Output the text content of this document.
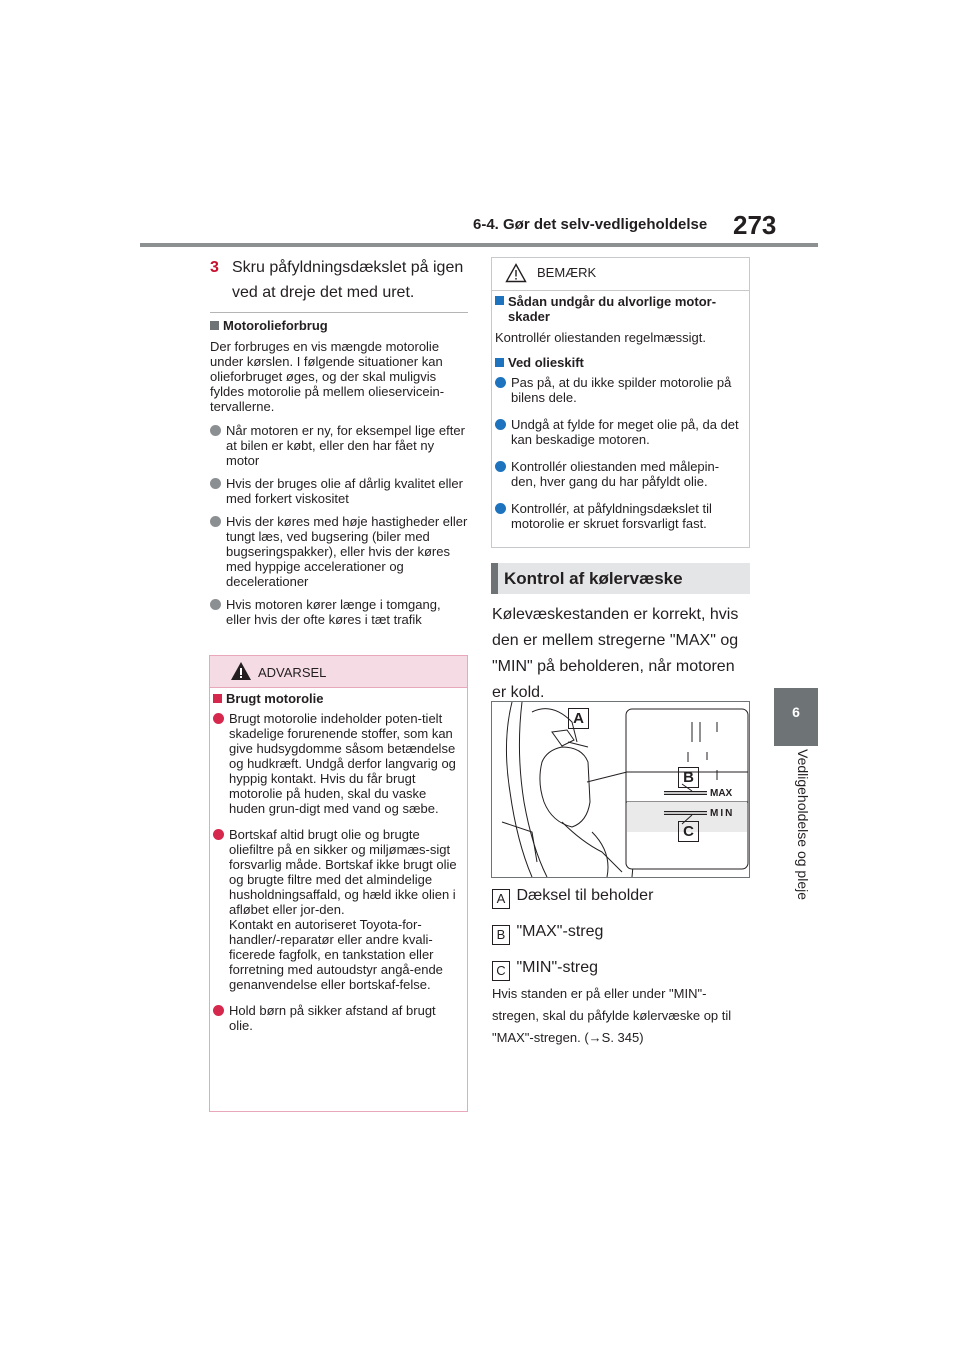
6-4. Gør det selv-vedligeholdelse 273
6
Vedligeholdelse og pleje
3 Skru påfyldningsdækslet på igen ved at dreje det med uret.
Motorolieforbrug
Der forbruges en vis mængde motorolie under kørslen. I følgende situationer kan olieforbruget øges, og der skal muligvis fyldes motorolie på mellem olieservicein-tervallerne.
Når motoren er ny, for eksempel lige efter at bilen er købt, eller den har fået ny motor
Hvis der bruges olie af dårlig kvalitet eller med forkert viskositet
Hvis der køres med høje hastigheder eller tungt læs, ved bugsering (biler med bugseringspakker), eller hvis der køres med hyppige accelerationer og decelerationer
Hvis motoren kører længe i tomgang, eller hvis der ofte køres i tæt trafik
ADVARSEL
Brugt motorolie
Brugt motorolie indeholder poten-tielt skadelige forurenende stoffer, som kan give hudsygdomme såsom betændelse og hudkræft. Undgå derfor langvarig og hyppig kontakt. Hvis du får brugt motorolie på huden, skal du vaske huden grun-digt med vand og sæbe.
Bortskaf altid brugt olie og brugte oliefiltre på en sikker og miljømæs-sigt forsvarlig måde. Bortskaf ikke brugt olie og brugte filtre med det almindelige husholdningsaffald, og hæld ikke olien i afløbet eller jor-den.
Kontakt en autoriseret Toyota-for-handler/-reparatør eller andre kvali-ficerede fagfolk, en tankstation eller forretning med autoudstyr angå-ende genanvendelse eller bortskaf-felse.
Hold børn på sikker afstand af brugt olie.
BEMÆRK
Sådan undgår du alvorlige motor-skader
Kontrollér oliestanden regelmæssigt.
Ved olieskift
Pas på, at du ikke spilder motorolie på bilens dele.
Undgå at fylde for meget olie på, da det kan beskadige motoren.
Kontrollér oliestanden med målepin-den, hver gang du har påfyldt olie.
Kontrollér, at påfyldningsdækslet til motorolie er skruet forsvarligt fast.
Kontrol af kølervæske
Kølevæskestanden er korrekt, hvis den er mellem stregerne "MAX" og "MIN" på beholderen, når motoren er kold.
A
B
C
MAX
MIN
A Dæksel til beholder
B "MAX"-streg
C "MIN"-streg
Hvis standen er på eller under "MIN"-stregen, skal du påfylde kølervæske op til "MAX"-stregen. (→S. 345)
